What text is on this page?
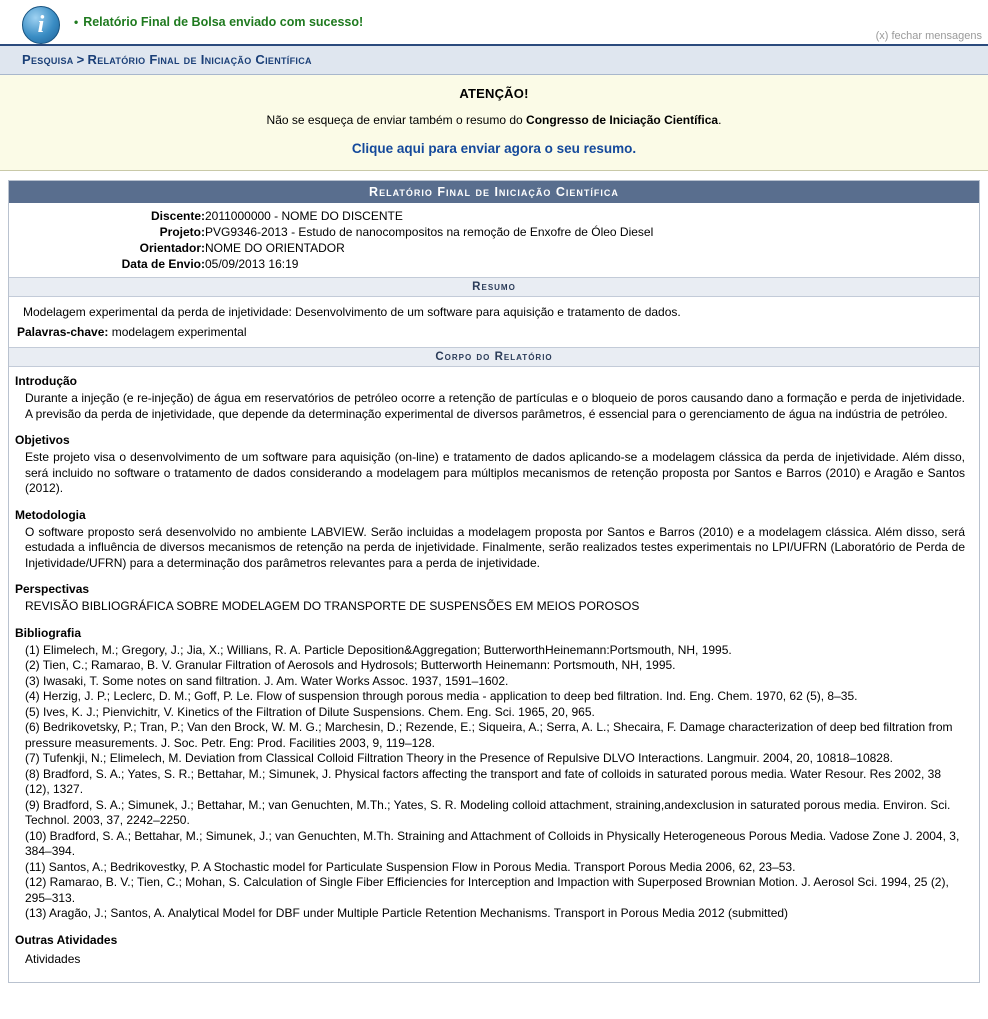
i	• Relatório Final de Bolsa enviado com sucesso!
(x) fechar mensagens
Pesquisa > Relatório Final de Iniciação Científica
ATENÇÃO!
Não se esqueça de enviar também o resumo do Congresso de Iniciação Científica.
Clique aqui para enviar agora o seu resumo.
Relatório Final de Iniciação Científica
Discente:	2011000000 - NOME DO DISCENTE
Projeto:	PVG9346-2013 - Estudo de nanocompositos na remoção de Enxofre de Óleo Diesel
Orientador:	NOME DO ORIENTADOR
Data de Envio:	05/09/2013 16:19
Resumo
Modelagem experimental da perda de injetividade: Desenvolvimento de um software para aquisição e tratamento de dados.
Palavras-chave: modelagem experimental
Corpo do Relatório
Introdução
Durante a injeção (e re-injeção) de água em reservatórios de petróleo ocorre a retenção de partículas e o bloqueio de poros causando dano a formação e perda de injetividade. A previsão da perda de injetividade, que depende da determinação experimental de diversos parâmetros, é essencial para o gerenciamento de água na indústria de petróleo.
Objetivos
Este projeto visa o desenvolvimento de um software para aquisição (on-line) e tratamento de dados aplicando-se a modelagem clássica da perda de injetividade. Além disso, será incluido no software o tratamento de dados considerando a modelagem para múltiplos mecanismos de retenção proposta por Santos e Barros (2010) e Aragão e Santos (2012).
Metodologia
O software proposto será desenvolvido no ambiente LABVIEW. Serão incluidas a modelagem proposta por Santos e Barros (2010) e a modelagem clássica. Além disso, será estudada a influência de diversos mecanismos de retenção na perda de injetividade. Finalmente, serão realizados testes experimentais no LPI/UFRN (Laboratório de Perda de Injetividade/UFRN) para a determinação dos parâmetros relevantes para a perda de injetividade.
Perspectivas
REVISÃO BIBLIOGRÁFICA SOBRE MODELAGEM DO TRANSPORTE DE SUSPENSÕES EM MEIOS POROSOS
Bibliografia
(1) Elimelech, M.; Gregory, J.; Jia, X.; Willians, R. A. Particle Deposition&Aggregation; ButterworthHeinemann:Portsmouth, NH, 1995.
(2) Tien, C.; Ramarao, B. V. Granular Filtration of Aerosols and Hydrosols; Butterworth Heinemann: Portsmouth, NH, 1995.
(3) Iwasaki, T. Some notes on sand filtration. J. Am. Water Works Assoc. 1937, 1591–1602.
(4) Herzig, J. P.; Leclerc, D. M.; Goff, P. Le. Flow of suspension through porous media - application to deep bed filtration. Ind. Eng. Chem. 1970, 62 (5), 8–35.
(5) Ives, K. J.; Pienvichitr, V. Kinetics of the Filtration of Dilute Suspensions. Chem. Eng. Sci. 1965, 20, 965.
(6) Bedrikovetsky, P.; Tran, P.; Van den Brock, W. M. G.; Marchesin, D.; Rezende, E.; Siqueira, A.; Serra, A. L.; Shecaira, F. Damage characterization of deep bed filtration from pressure measurements. J. Soc. Petr. Eng: Prod. Facilities 2003, 9, 119–128.
(7) Tufenkji, N.; Elimelech, M. Deviation from Classical Colloid Filtration Theory in the Presence of Repulsive DLVO Interactions. Langmuir. 2004, 20, 10818–10828.
(8) Bradford, S. A.; Yates, S. R.; Bettahar, M.; Simunek, J. Physical factors affecting the transport and fate of colloids in saturated porous media. Water Resour. Res 2002, 38 (12), 1327.
(9) Bradford, S. A.; Simunek, J.; Bettahar, M.; van Genuchten, M.Th.; Yates, S. R. Modeling colloid attachment, straining,andexclusion in saturated porous media. Environ. Sci. Technol. 2003, 37, 2242–2250.
(10) Bradford, S. A.; Bettahar, M.; Simunek, J.; van Genuchten, M.Th. Straining and Attachment of Colloids in Physically Heterogeneous Porous Media. Vadose Zone J. 2004, 3, 384–394.
(11) Santos, A.; Bedrikovestky, P. A Stochastic model for Particulate Suspension Flow in Porous Media. Transport Porous Media 2006, 62, 23–53.
(12) Ramarao, B. V.; Tien, C.; Mohan, S. Calculation of Single Fiber Efficiencies for Interception and Impaction with Superposed Brownian Motion. J. Aerosol Sci. 1994, 25 (2), 295–313.
(13) Aragão, J.; Santos, A. Analytical Model for DBF under Multiple Particle Retention Mechanisms. Transport in Porous Media 2012 (submitted)
Outras Atividades
Atividades
